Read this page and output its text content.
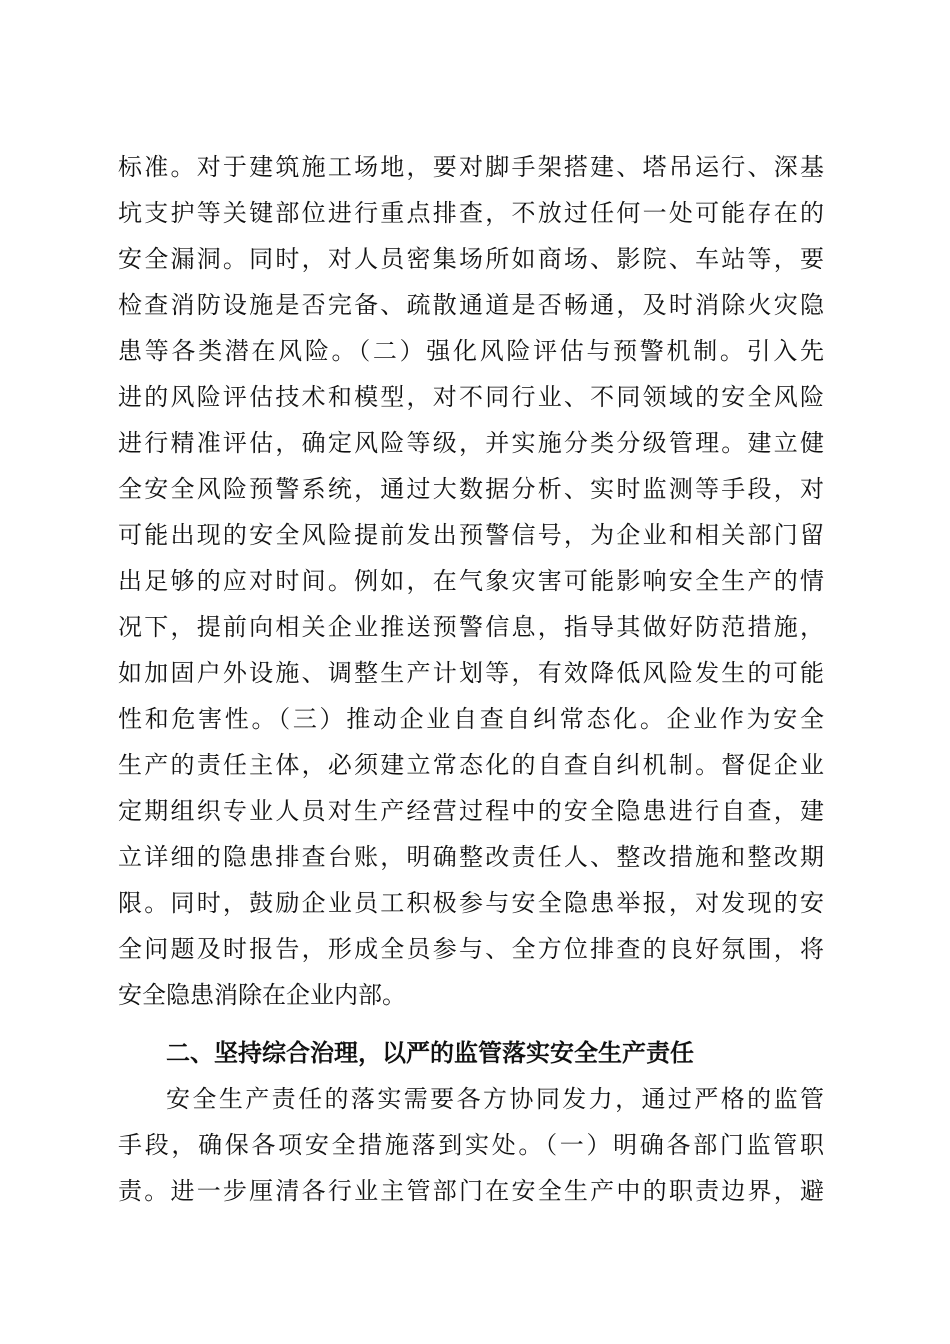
标准。对于建筑施工场地，要对脚手架搭建、塔吊运行、深基
坑支护等关键部位进行重点排查，不放过任何一处可能存在的
安全漏洞。同时，对人员密集场所如商场、影院、车站等，要
检查消防设施是否完备、疏散通道是否畅通，及时消除火灾隐
患等各类潜在风险。（二）强化风险评估与预警机制。引入先
进的风险评估技术和模型，对不同行业、不同领域的安全风险
进行精准评估，确定风险等级，并实施分类分级管理。建立健
全安全风险预警系统，通过大数据分析、实时监测等手段，对
可能出现的安全风险提前发出预警信号，为企业和相关部门留
出足够的应对时间。例如，在气象灾害可能影响安全生产的情
况下，提前向相关企业推送预警信息，指导其做好防范措施，
如加固户外设施、调整生产计划等，有效降低风险发生的可能
性和危害性。（三）推动企业自查自纠常态化。企业作为安全
生产的责任主体，必须建立常态化的自查自纠机制。督促企业
定期组织专业人员对生产经营过程中的安全隐患进行自查，建
立详细的隐患排查台账，明确整改责任人、整改措施和整改期
限。同时，鼓励企业员工积极参与安全隐患举报，对发现的安
全问题及时报告，形成全员参与、全方位排查的良好氛围，将
安全隐患消除在企业内部。
二、坚持综合治理，以严的监管落实安全生产责任
安全生产责任的落实需要各方协同发力，通过严格的监管
手段，确保各项安全措施落到实处。（一）明确各部门监管职
责。进一步厘清各行业主管部门在安全生产中的职责边界，避
